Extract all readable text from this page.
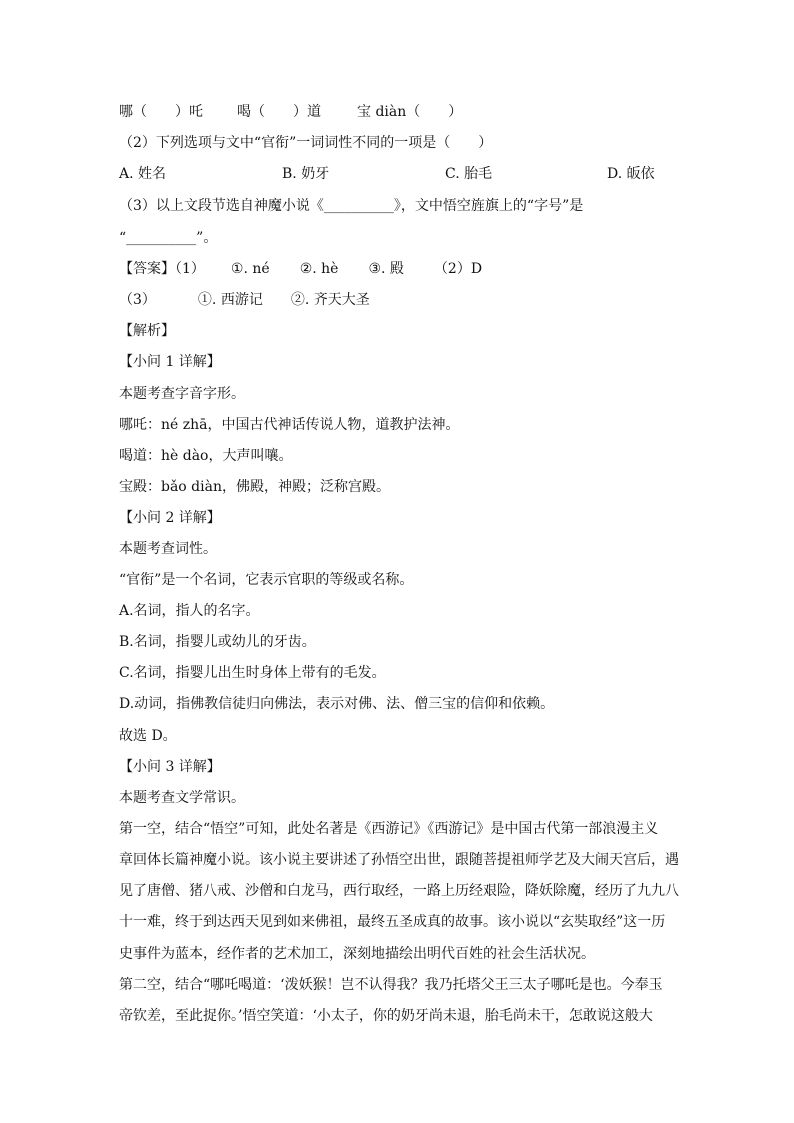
哪（　　）吒 喝（　　）道	宝 diàn（　　）
（2）下列选项与文中“官衔”一词词性不同的一项是（　　）
A. 姓名	B. 奶牙	C. 胎毛	D. 皈依
（3）以上文段节选自神魔小说《__________》，文中悟空旌旗上的“字号”是
“__________”。
【答案】（1） ①. né ②. hè ③. 殿 （2）D
（3）	①. 西游记 ②. 齐天大圣
【解析】
【小问 1 详解】
本题考查字音字形。
哪吒：né zhā，中国古代神话传说人物，道教护法神。
喝道：hè dào，大声叫嚷。
宝殿：bǎo diàn，佛殿，神殿；泛称宫殿。
【小问 2 详解】
本题考查词性。
“官衔”是一个名词，它表示官职的等级或名称。
A.名词，指人的名字。
B.名词，指婴儿或幼儿的牙齿。
C.名词，指婴儿出生时身体上带有的毛发。
D.动词，指佛教信徒归向佛法，表示对佛、法、僧三宝的信仰和依赖。
故选 D。
【小问 3 详解】
本题考查文学常识。
第一空，结合“悟空”可知，此处名著是《西游记》《西游记》是中国古代第一部浪漫主义
章回体长篇神魔小说。该小说主要讲述了孙悟空出世，跟随菩提祖师学艺及大闹天宫后，遇
见了唐僧、猪八戒、沙僧和白龙马，西行取经，一路上历经艰险，降妖除魔，经历了九九八
十一难，终于到达西天见到如来佛祖，最终五圣成真的故事。该小说以“玄奘取经”这一历
史事件为蓝本，经作者的艺术加工，深刻地描绘出明代百姓的社会生活状况。
第二空，结合“哪吒喝道：‘泼妖猴！岂不认得我？我乃托塔父王三太子哪吒是也。今奉玉
帝钦差，至此捉你。’悟空笑道：‘小太子，你的奶牙尚未退，胎毛尚未干，怎敢说这般大
